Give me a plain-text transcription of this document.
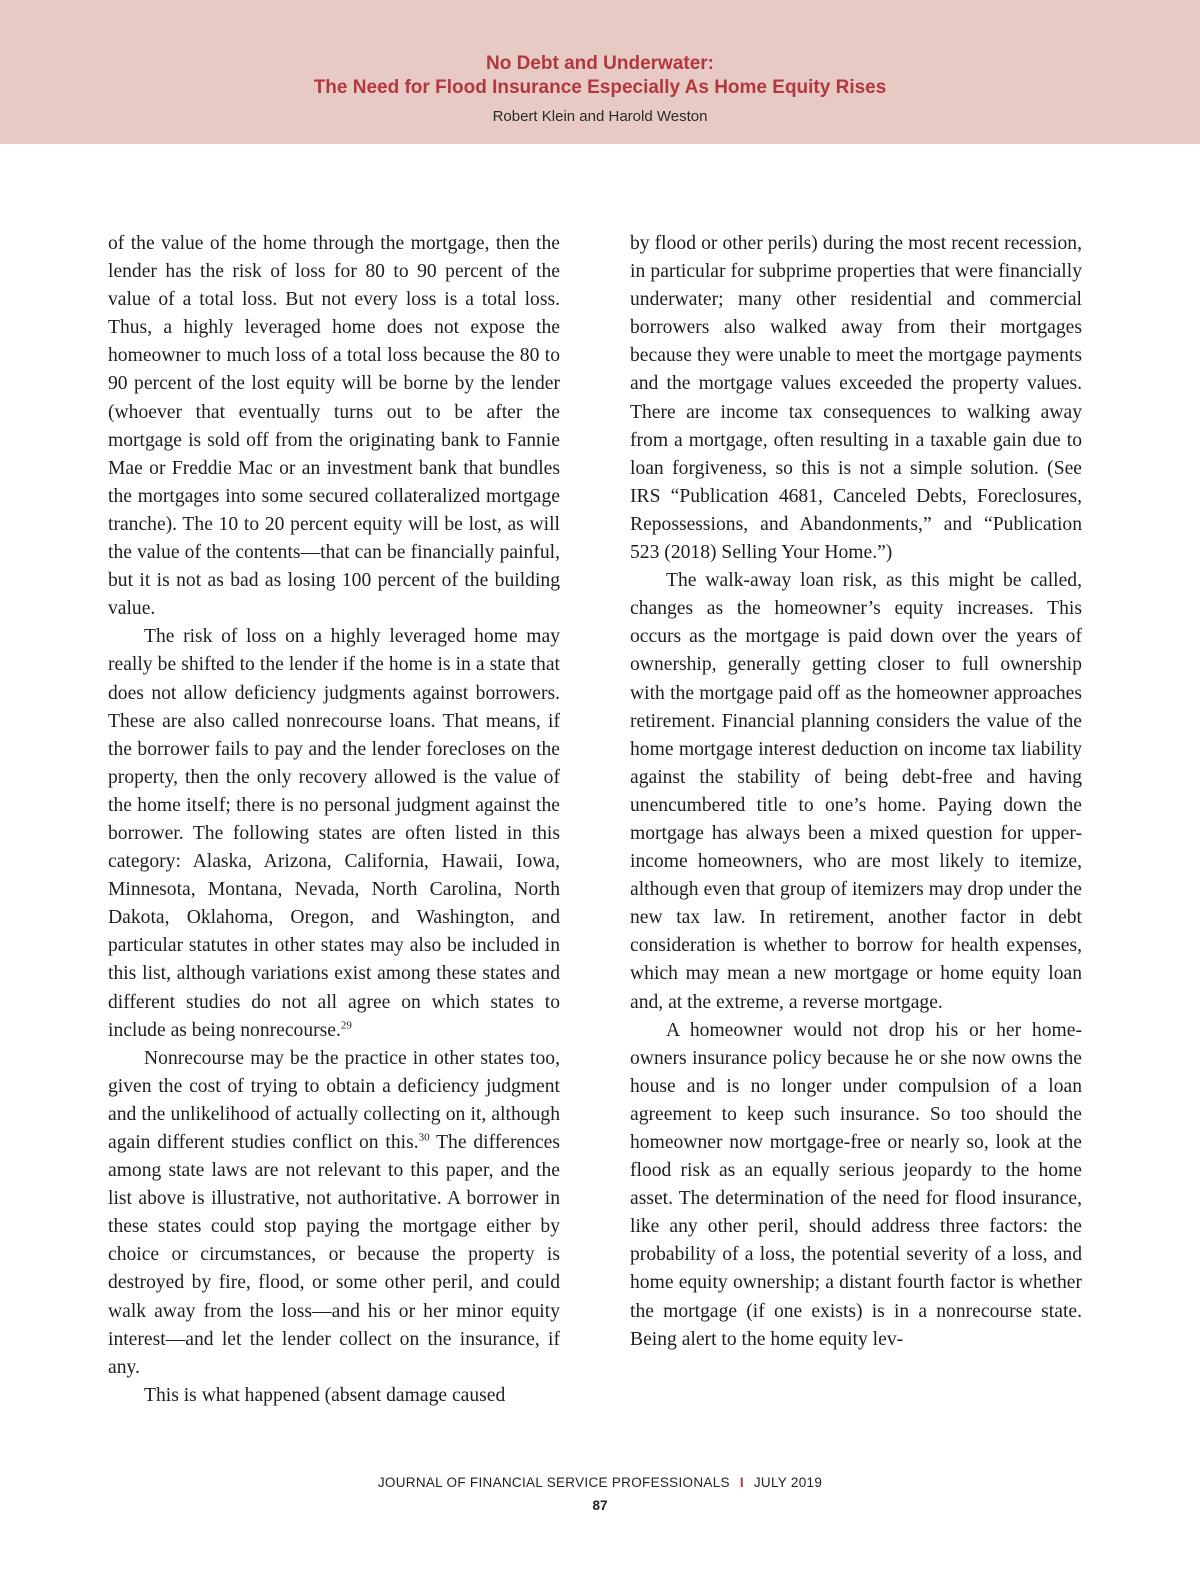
No Debt and Underwater:
The Need for Flood Insurance Especially As Home Equity Rises
Robert Klein and Harold Weston

of the value of the home through the mortgage, then the lender has the risk of loss for 80 to 90 percent of the value of a total loss. But not every loss is a total loss. Thus, a highly leveraged home does not expose the homeowner to much loss of a total loss because the 80 to 90 percent of the lost equity will be borne by the lender (whoever that eventually turns out to be after the mortgage is sold off from the originating bank to Fannie Mae or Freddie Mac or an investment bank that bundles the mortgages into some secured collateralized mortgage tranche). The 10 to 20 percent equity will be lost, as will the value of the contents—that can be financially painful, but it is not as bad as losing 100 percent of the building value.

The risk of loss on a highly leveraged home may really be shifted to the lender if the home is in a state that does not allow deficiency judgments against borrowers. These are also called nonrecourse loans. That means, if the borrower fails to pay and the lender forecloses on the property, then the only recovery allowed is the value of the home itself; there is no personal judgment against the borrower. The following states are often listed in this category: Alaska, Arizona, California, Hawaii, Iowa, Minnesota, Montana, Nevada, North Carolina, North Dakota, Oklahoma, Oregon, and Washington, and particular statutes in other states may also be included in this list, although variations exist among these states and different studies do not all agree on which states to include as being nonrecourse.$^{29}$

Nonrecourse may be the practice in other states too, given the cost of trying to obtain a deficiency judgment and the unlikelihood of actually collecting on it, although again different studies conflict on this.$^{30}$ The differences among state laws are not relevant to this paper, and the list above is illustrative, not authoritative. A borrower in these states could stop paying the mortgage either by choice or circumstances, or because the property is destroyed by fire, flood, or some other peril, and could walk away from the loss—and his or her minor equity interest—and let the lender collect on the insurance, if any.

This is what happened (absent damage caused

by flood or other perils) during the most recent recession, in particular for subprime properties that were financially underwater; many other residential and commercial borrowers also walked away from their mortgages because they were unable to meet the mortgage payments and the mortgage values exceeded the property values. There are income tax consequences to walking away from a mortgage, often resulting in a taxable gain due to loan forgiveness, so this is not a simple solution. (See IRS “Publication 4681, Canceled Debts, Foreclosures, Repossessions, and Abandonments,” and “Publication 523 (2018) Selling Your Home.”)

The walk-away loan risk, as this might be called, changes as the homeowner’s equity increases. This occurs as the mortgage is paid down over the years of ownership, generally getting closer to full ownership with the mortgage paid off as the homeowner approaches retirement. Financial planning considers the value of the home mortgage interest deduction on income tax liability against the stability of being debt-free and having unencumbered title to one’s home. Paying down the mortgage has always been a mixed question for upper-income homeowners, who are most likely to itemize, although even that group of itemizers may drop under the new tax law. In retirement, another factor in debt consideration is whether to borrow for health expenses, which may mean a new mortgage or home equity loan and, at the extreme, a reverse mortgage.

A homeowner would not drop his or her homeowners insurance policy because he or she now owns the house and is no longer under compulsion of a loan agreement to keep such insurance. So too should the homeowner now mortgage-free or nearly so, look at the flood risk as an equally serious jeopardy to the home asset. The determination of the need for flood insurance, like any other peril, should address three factors: the probability of a loss, the potential severity of a loss, and home equity ownership; a distant fourth factor is whether the mortgage (if one exists) is in a nonrecourse state. Being alert to the home equity lev-

JOURNAL OF FINANCIAL SERVICE PROFESSIONALS I JULY 2019
87
